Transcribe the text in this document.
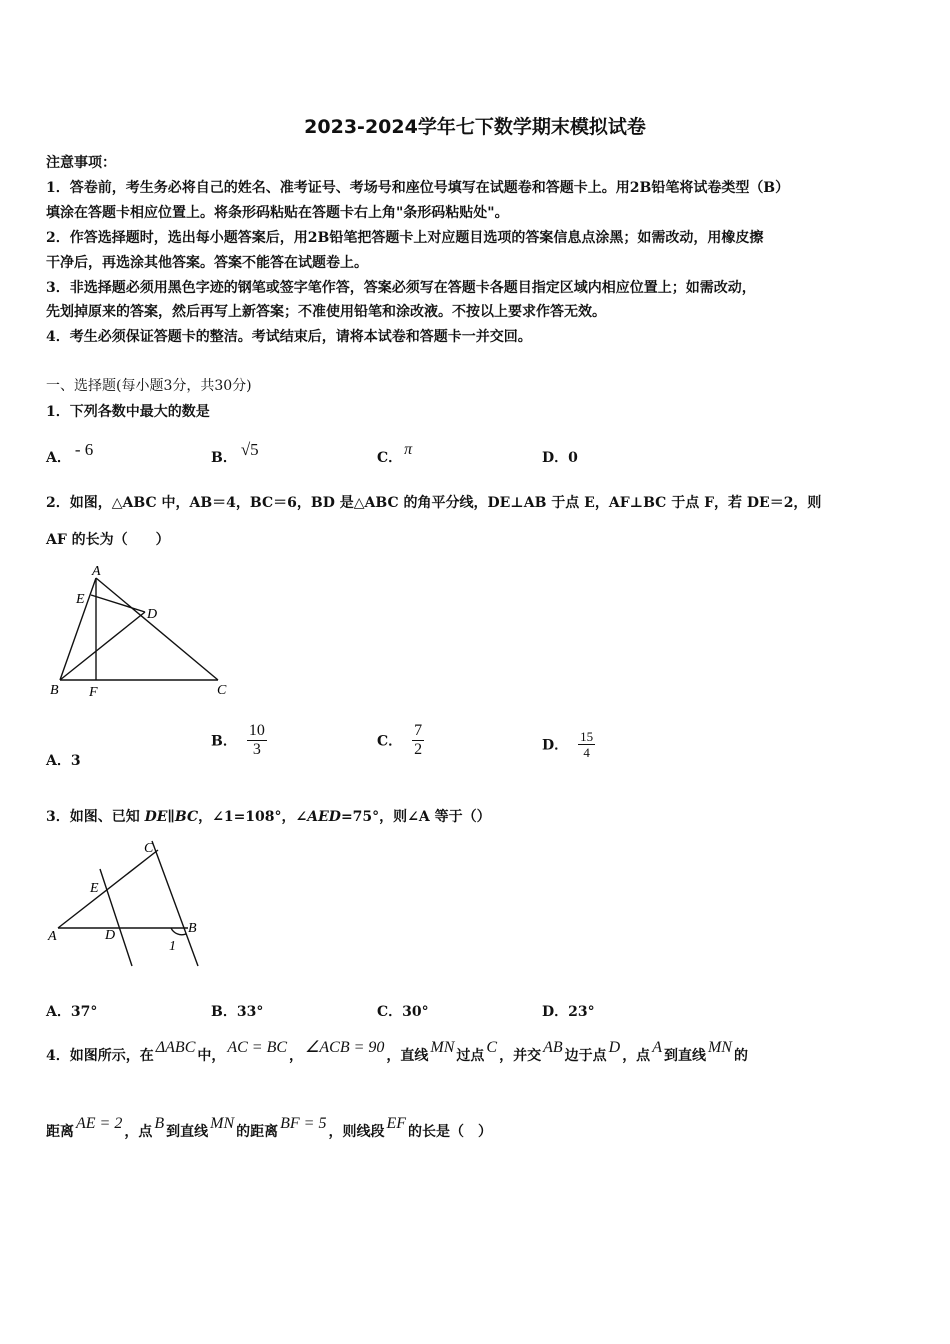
2023-2024学年七下数学期末模拟试卷
注意事项：
1．答卷前，考生务必将自己的姓名、准考证号、考场号和座位号填写在试题卷和答题卡上。用2B铅笔将试卷类型（B）
填涂在答题卡相应位置上。将条形码粘贴在答题卡右上角"条形码粘贴处"。
2．作答选择题时，选出每小题答案后，用2B铅笔把答题卡上对应题目选项的答案信息点涂黑；如需改动，用橡皮擦
干净后，再选涂其他答案。答案不能答在试题卷上。
3．非选择题必须用黑色字迹的钢笔或签字笔作答，答案必须写在答题卡各题目指定区域内相应位置上；如需改动，
先划掉原来的答案，然后再写上新答案；不准使用铅笔和涂改液。不按以上要求作答无效。
4．考生必须保证答题卡的整洁。考试结束后，请将本试卷和答题卡一并交回。
一、选择题(每小题3分，共30分)
1．下列各数中最大的数是
A． - 6	B． √5	C． π	D．0
2．如图，△ABC 中，AB＝4，BC＝6，BD 是△ABC 的角平分线，DE⊥AB 于点 E，AF⊥BC 于点 F，若 DE＝2，则
AF 的长为（　　）
A
E
D
B F	C
A．3
B． $\frac{10}{3}$	C． $\frac{7}{2}$	D． $\frac{15}{4}$
3．如图、已知 DE∥BC，∠1=108°，∠AED=75°，则∠A 等于（）
C
E
A	D	B
1
A．37°	B．33°	C．30°	D．23°
4．如图所示，在 ΔABC 中， AC = BC ， ∠ACB = 90 ，直线 MN 过点 C ，并交 AB 边于点 D ，点 A 到直线 MN 的
距离 AE = 2 ，点 B 到直线 MN 的距离 BF = 5 ，则线段 EF 的长是（　）
